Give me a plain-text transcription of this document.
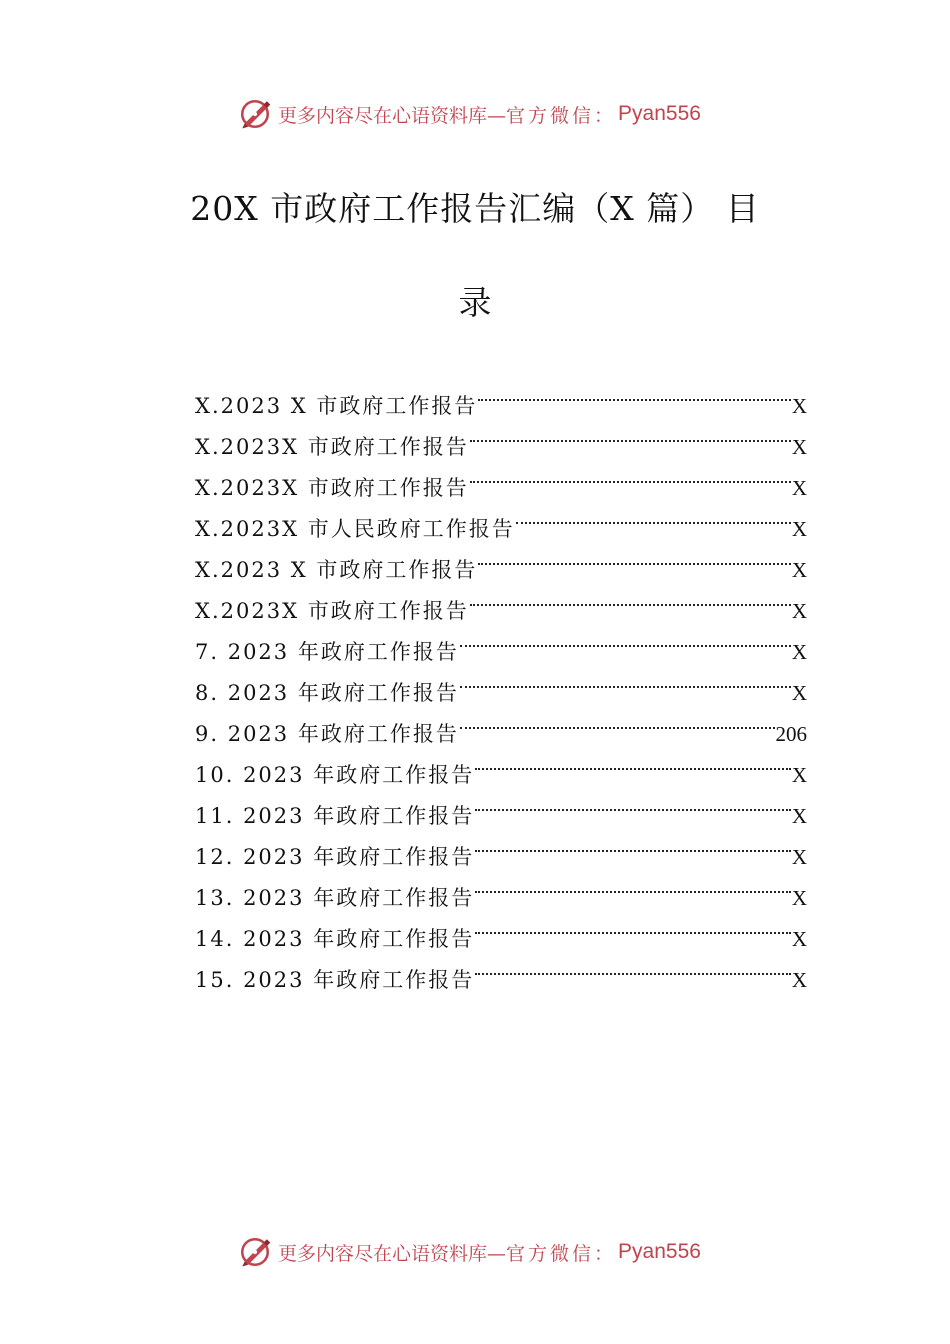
更多内容尽在心语资料库— 官方微信： Pyan556
20X 市政府工作报告汇编（X 篇） 目
录
X.2023 X 市政府工作报告	X
X.2023X 市政府工作报告	X
X.2023X 市政府工作报告	X
X.2023X 市人民政府工作报告	X
X.2023 X 市政府工作报告	X
X.2023X 市政府工作报告	X
7. 2023 年政府工作报告	X
8. 2023 年政府工作报告	X
9. 2023 年政府工作报告	206
10. 2023 年政府工作报告	X
11. 2023 年政府工作报告	X
12. 2023 年政府工作报告	X
13. 2023 年政府工作报告	X
14. 2023 年政府工作报告	X
15. 2023 年政府工作报告	X
更多内容尽在心语资料库— 官方微信： Pyan556
